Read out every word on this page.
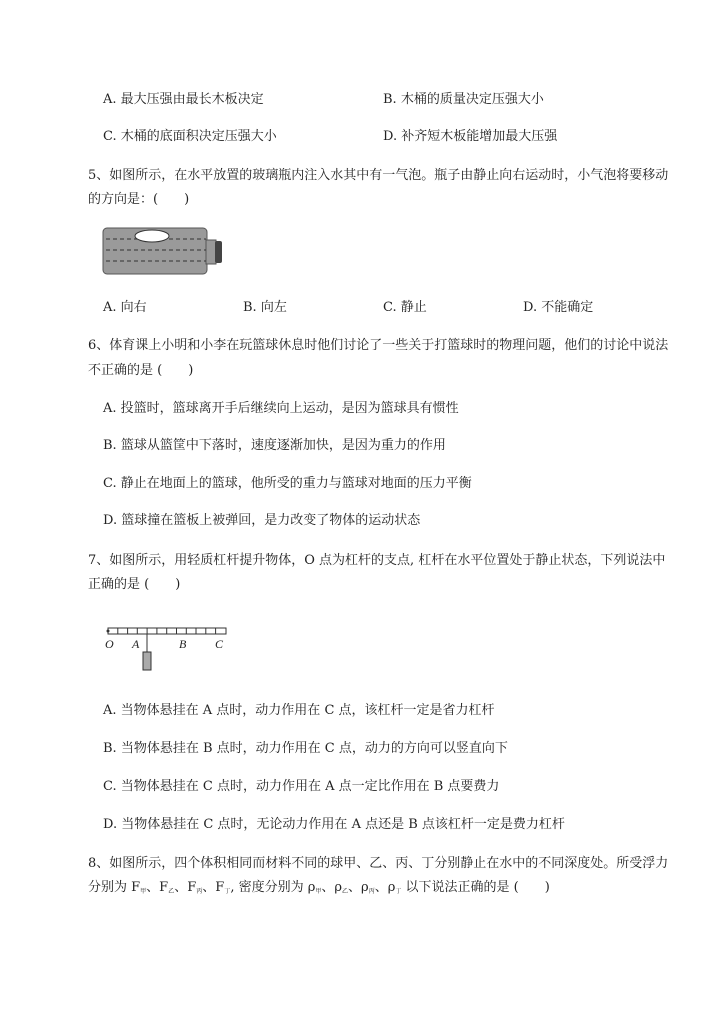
A. 最大压强由最长木板决定	B. 木桶的质量决定压强大小
C. 木桶的底面积决定压强大小	D. 补齐短木板能增加最大压强
5、如图所示，在水平放置的玻璃瓶内注入水其中有一气泡。瓶子由静止向右运动时，小气泡将要移动
的方向是：(　　)
A. 向右	B. 向左	C. 静止	D. 不能确定
6、体育课上小明和小李在玩篮球休息时他们讨论了一些关于打篮球时的物理问题，他们的讨论中说法
不正确的是 (　　)
A. 投篮时，篮球离开手后继续向上运动，是因为篮球具有惯性
B. 篮球从篮筐中下落时，速度逐渐加快，是因为重力的作用
C. 静止在地面上的篮球，他所受的重力与篮球对地面的压力平衡
D. 篮球撞在篮板上被弹回，是力改变了物体的运动状态
7、如图所示，用轻质杠杆提升物体，O 点为杠杆的支点, 杠杆在水平位置处于静止状态，下列说法中
正确的是 (　　)
O A	B C
A. 当物体悬挂在 A 点时，动力作用在 C 点，该杠杆一定是省力杠杆
B. 当物体悬挂在 B 点时，动力作用在 C 点，动力的方向可以竖直向下
C. 当物体悬挂在 C 点时，动力作用在 A 点一定比作用在 B 点要费力
D. 当物体悬挂在 C 点时，无论动力作用在 A 点还是 B 点该杠杆一定是费力杠杆
8、如图所示，四个体积相同而材料不同的球甲、乙、丙、丁分别静止在水中的不同深度处。所受浮力
分别为 $F_甲$、$F_乙$、$F_丙$、$F_丁$, 密度分别为 $\rho_甲$、$\rho_乙$、$\rho_丙$、$\rho_丁$ 以下说法正确的是 (　　)
